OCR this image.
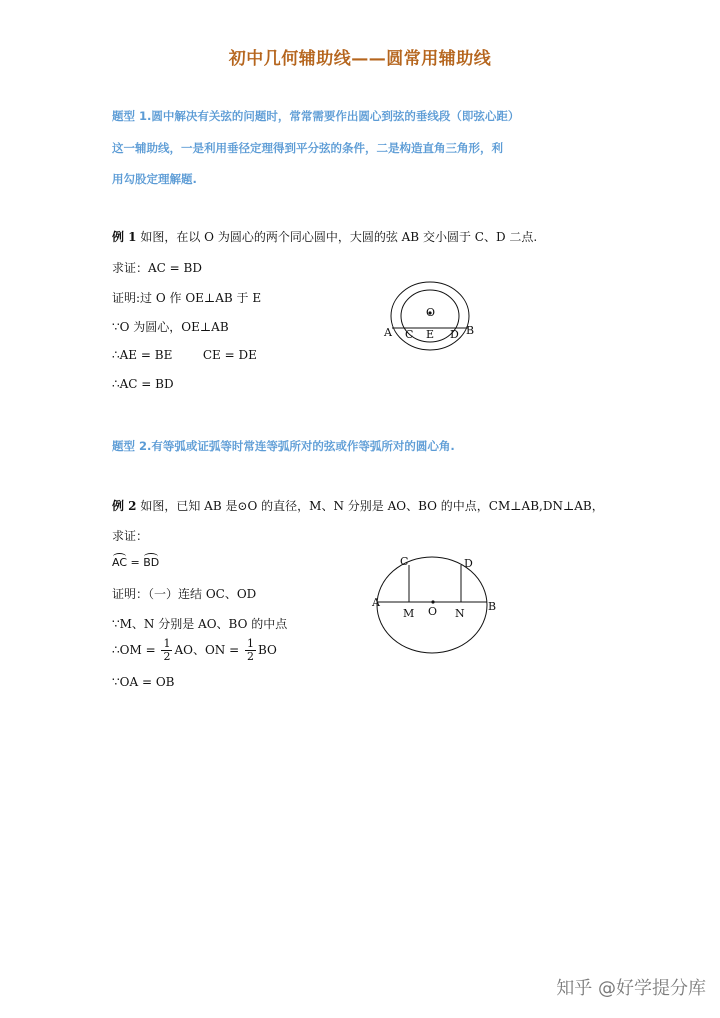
初中几何辅助线——圆常用辅助线
题型 1.圆中解决有关弦的问题时，常常需要作出圆心到弦的垂线段（即弦心距）
这一辅助线，一是利用垂径定理得到平分弦的条件，二是构造直角三角形，利
用勾股定理解题.
例 1 如图，在以 O 为圆心的两个同心圆中，大圆的弦 AB 交小圆于 C、D 二点.
求证：AC = BD
证明:过 O 作 OE⊥AB 于 E
∵O 为圆心，OE⊥AB
∴AE = BE        CE = DE
∴AC = BD
O
A C E D B
题型 2.有等弧或证弧等时常连等弧所对的弦或作等弧所对的圆心角.
例 2 如图，已知 AB 是⊙O 的直径，M、N 分别是 AO、BO 的中点，CM⊥AB,DN⊥AB，
求证：
AC = BD
证明：（一）连结 OC、OD
∵M、N 分别是 AO、BO 的中点
∴OM = $\frac{1}{2}$ AO、ON = $\frac{1}{2}$ BO
∵OA = OB
C	D
A	B
M O N
知乎 @好学提分库
